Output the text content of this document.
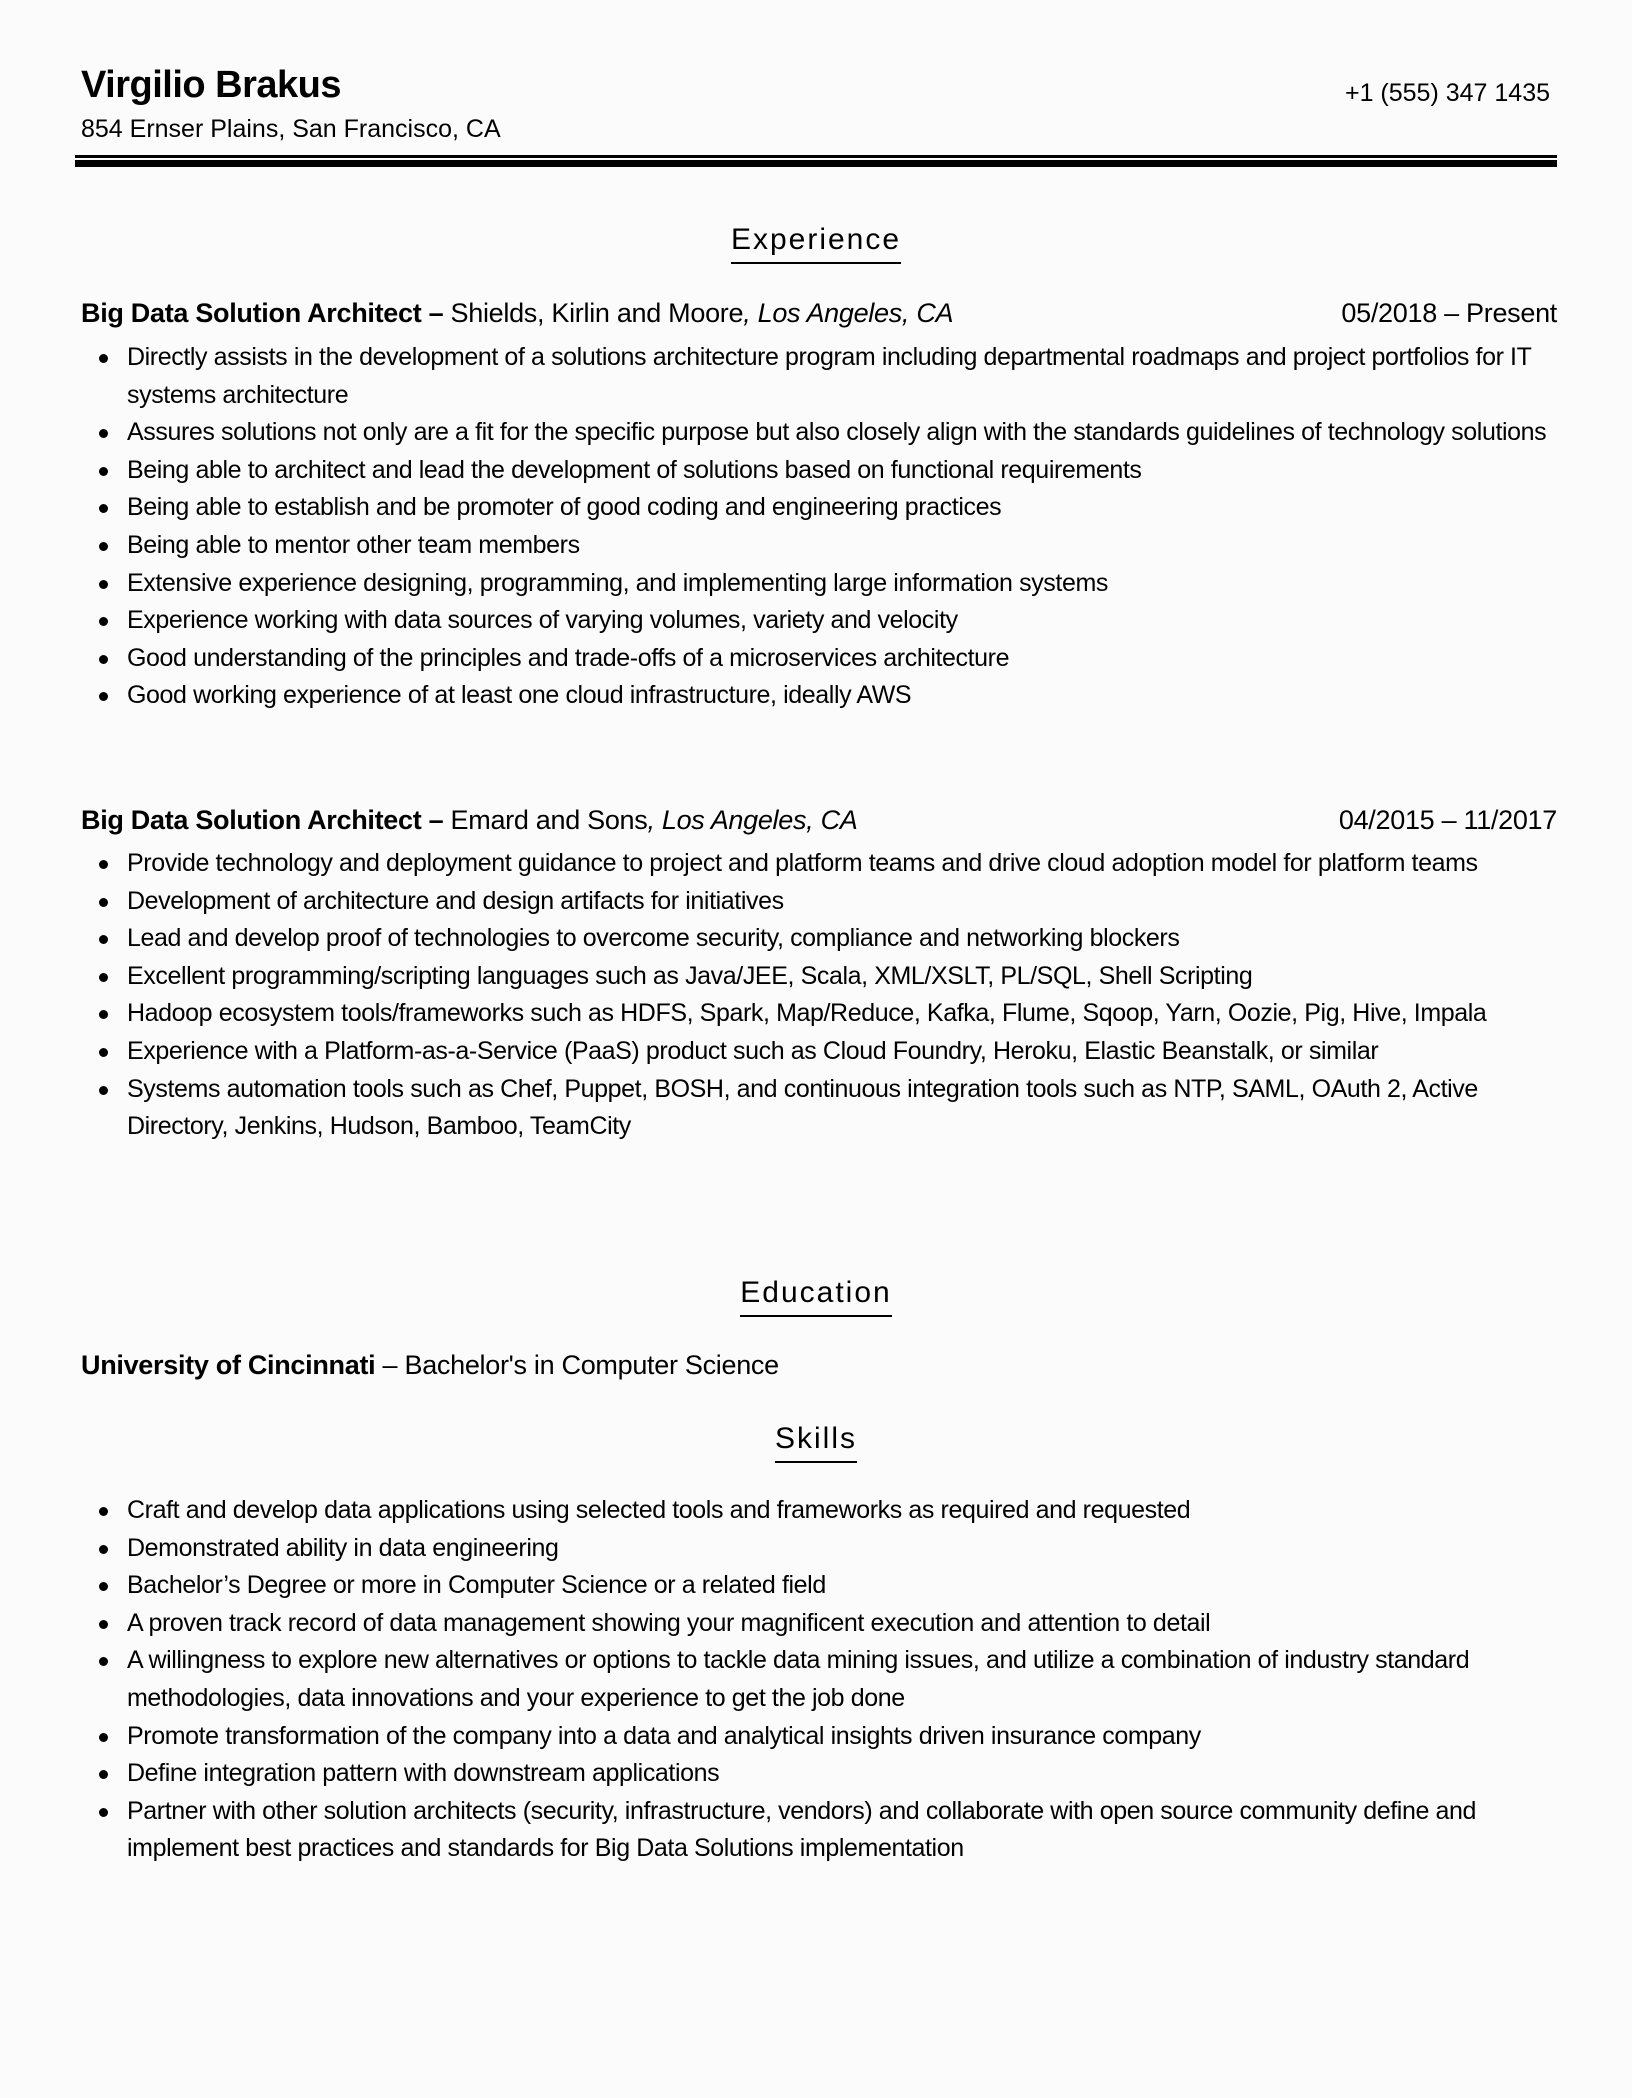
Virgilio Brakus
854 Ernser Plains, San Francisco, CA
+1 (555) 347 1435
Experience
Big Data Solution Architect – Shields, Kirlin and Moore, Los Angeles, CA	05/2018 – Present
Directly assists in the development of a solutions architecture program including departmental roadmaps and project portfolios for IT systems architecture
Assures solutions not only are a fit for the specific purpose but also closely align with the standards guidelines of technology solutions
Being able to architect and lead the development of solutions based on functional requirements
Being able to establish and be promoter of good coding and engineering practices
Being able to mentor other team members
Extensive experience designing, programming, and implementing large information systems
Experience working with data sources of varying volumes, variety and velocity
Good understanding of the principles and trade-offs of a microservices architecture
Good working experience of at least one cloud infrastructure, ideally AWS
Big Data Solution Architect – Emard and Sons, Los Angeles, CA	04/2015 – 11/2017
Provide technology and deployment guidance to project and platform teams and drive cloud adoption model for platform teams
Development of architecture and design artifacts for initiatives
Lead and develop proof of technologies to overcome security, compliance and networking blockers
Excellent programming/scripting languages such as Java/JEE, Scala, XML/XSLT, PL/SQL, Shell Scripting
Hadoop ecosystem tools/frameworks such as HDFS, Spark, Map/Reduce, Kafka, Flume, Sqoop, Yarn, Oozie, Pig, Hive, Impala
Experience with a Platform-as-a-Service (PaaS) product such as Cloud Foundry, Heroku, Elastic Beanstalk, or similar
Systems automation tools such as Chef, Puppet, BOSH, and continuous integration tools such as NTP, SAML, OAuth 2, Active Directory, Jenkins, Hudson, Bamboo, TeamCity
Education
University of Cincinnati – Bachelor's in Computer Science
Skills
Craft and develop data applications using selected tools and frameworks as required and requested
Demonstrated ability in data engineering
Bachelor’s Degree or more in Computer Science or a related field
A proven track record of data management showing your magnificent execution and attention to detail
A willingness to explore new alternatives or options to tackle data mining issues, and utilize a combination of industry standard methodologies, data innovations and your experience to get the job done
Promote transformation of the company into a data and analytical insights driven insurance company
Define integration pattern with downstream applications
Partner with other solution architects (security, infrastructure, vendors) and collaborate with open source community define and implement best practices and standards for Big Data Solutions implementation
